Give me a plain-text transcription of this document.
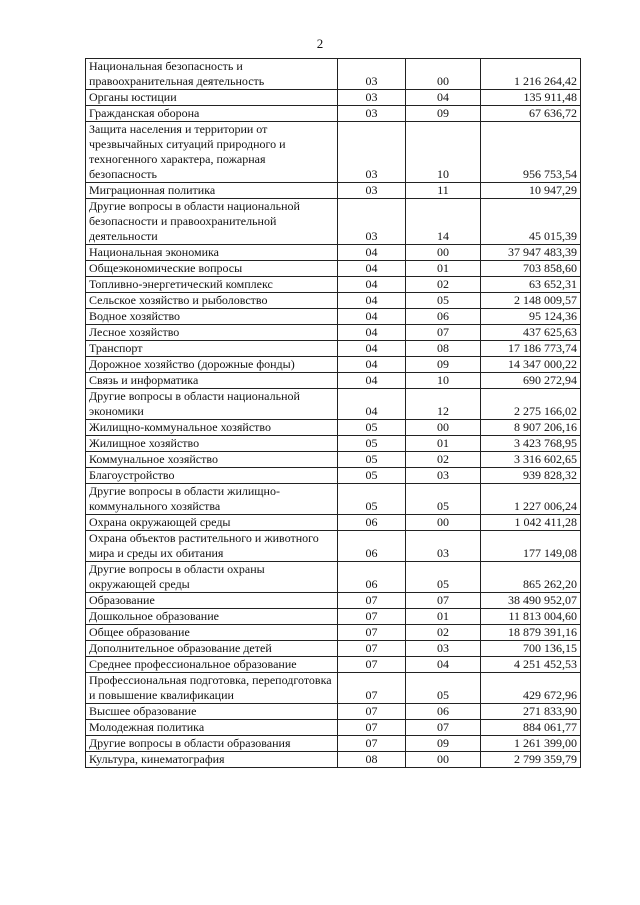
2
Национальная безопасность и правоохранительная деятельность	03	00	1 216 264,42
Органы юстиции	03	04	135 911,48
Гражданская оборона	03	09	67 636,72
Защита населения и территории от чрезвычайных ситуаций природного и техногенного характера, пожарная безопасность	03	10	956 753,54
Миграционная политика	03	11	10 947,29
Другие вопросы в области национальной безопасности и правоохранительной деятельности	03	14	45 015,39
Национальная экономика	04	00	37 947 483,39
Общеэкономические вопросы	04	01	703 858,60
Топливно-энергетический комплекс	04	02	63 652,31
Сельское хозяйство и рыболовство	04	05	2 148 009,57
Водное хозяйство	04	06	95 124,36
Лесное хозяйство	04	07	437 625,63
Транспорт	04	08	17 186 773,74
Дорожное хозяйство (дорожные фонды)	04	09	14 347 000,22
Связь и информатика	04	10	690 272,94
Другие вопросы в области национальной экономики	04	12	2 275 166,02
Жилищно-коммунальное хозяйство	05	00	8 907 206,16
Жилищное хозяйство	05	01	3 423 768,95
Коммунальное хозяйство	05	02	3 316 602,65
Благоустройство	05	03	939 828,32
Другие вопросы в области жилищно-коммунального хозяйства	05	05	1 227 006,24
Охрана окружающей среды	06	00	1 042 411,28
Охрана объектов растительного и животного мира и среды их обитания	06	03	177 149,08
Другие вопросы в области охраны окружающей среды	06	05	865 262,20
Образование	07	07	38 490 952,07
Дошкольное образование	07	01	11 813 004,60
Общее образование	07	02	18 879 391,16
Дополнительное образование детей	07	03	700 136,15
Среднее профессиональное образование	07	04	4 251 452,53
Профессиональная подготовка, переподготовка и повышение квалификации	07	05	429 672,96
Высшее образование	07	06	271 833,90
Молодежная политика	07	07	884 061,77
Другие вопросы в области образования	07	09	1 261 399,00
Культура, кинематография	08	00	2 799 359,79
